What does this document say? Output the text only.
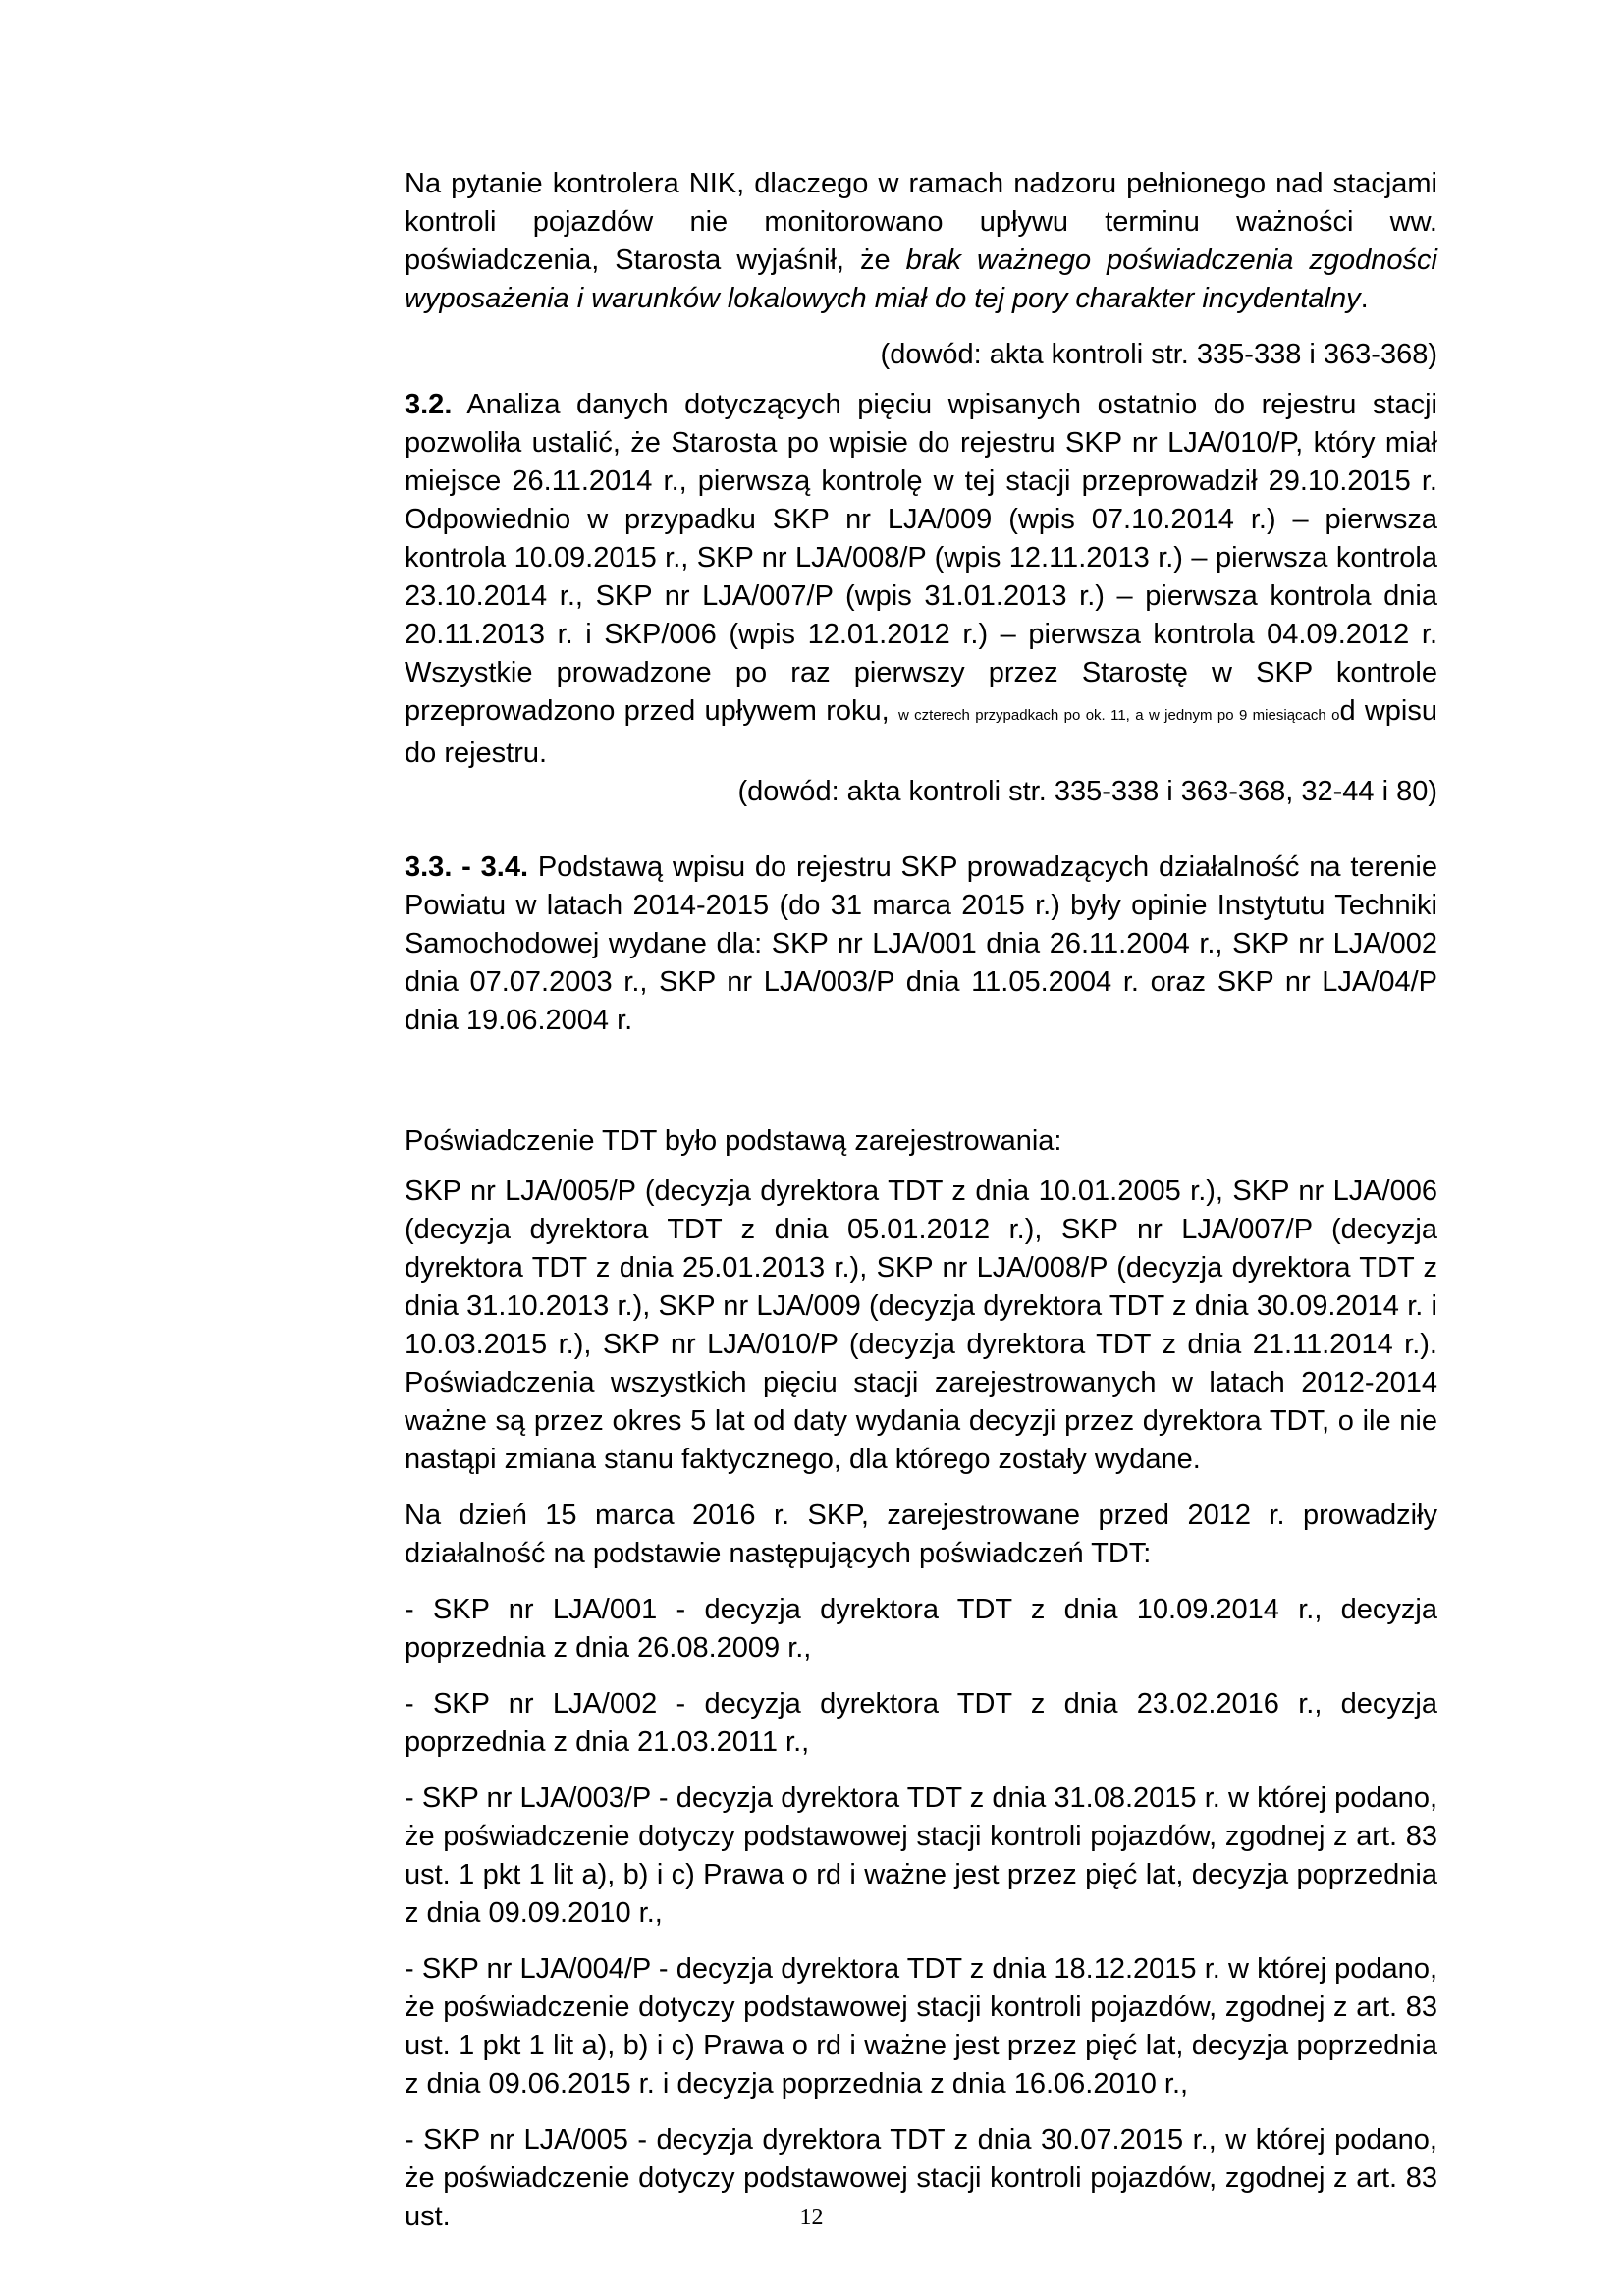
Na pytanie kontrolera NIK, dlaczego w ramach nadzoru pełnionego nad stacjami kontroli pojazdów nie monitorowano upływu terminu ważności ww. poświadczenia, Starosta wyjaśnił, że brak ważnego poświadczenia zgodności wyposażenia i warunków lokalowych miał do tej pory charakter incydentalny.

(dowód: akta kontroli str. 335-338 i 363-368)

3.2. Analiza danych dotyczących pięciu wpisanych ostatnio do rejestru stacji pozwoliła ustalić, że Starosta po wpisie do rejestru SKP nr LJA/010/P, który miał miejsce 26.11.2014 r., pierwszą kontrolę w tej stacji przeprowadził 29.10.2015 r. Odpowiednio w przypadku SKP nr LJA/009 (wpis 07.10.2014 r.) – pierwsza kontrola 10.09.2015 r., SKP nr LJA/008/P (wpis 12.11.2013 r.) – pierwsza kontrola 23.10.2014 r., SKP nr LJA/007/P (wpis 31.01.2013 r.) – pierwsza kontrola dnia 20.11.2013 r. i SKP/006 (wpis 12.01.2012 r.) – pierwsza kontrola 04.09.2012 r. Wszystkie prowadzone po raz pierwszy przez Starostę w SKP kontrole przeprowadzono przed upływem roku, w czterech przypadkach po ok. 11, a w jednym po 9 miesiącach od wpisu do rejestru.

(dowód: akta kontroli str. 335-338 i 363-368, 32-44 i 80)

3.3. - 3.4. Podstawą wpisu do rejestru SKP prowadzących działalność na terenie Powiatu w latach 2014-2015 (do 31 marca 2015 r.) były opinie Instytutu Techniki Samochodowej wydane dla: SKP nr LJA/001 dnia 26.11.2004 r., SKP nr LJA/002 dnia 07.07.2003 r., SKP nr LJA/003/P dnia 11.05.2004 r. oraz SKP nr LJA/04/P dnia 19.06.2004 r.

Poświadczenie TDT było podstawą zarejestrowania:

SKP nr LJA/005/P (decyzja dyrektora TDT z dnia 10.01.2005 r.), SKP nr LJA/006 (decyzja dyrektora TDT z dnia 05.01.2012 r.), SKP nr LJA/007/P (decyzja dyrektora TDT z dnia 25.01.2013 r.), SKP nr LJA/008/P (decyzja dyrektora TDT z dnia 31.10.2013 r.), SKP nr LJA/009 (decyzja dyrektora TDT z dnia 30.09.2014 r. i 10.03.2015 r.), SKP nr LJA/010/P (decyzja dyrektora TDT z dnia 21.11.2014 r.). Poświadczenia wszystkich pięciu stacji zarejestrowanych w latach 2012-2014 ważne są przez okres 5 lat od daty wydania decyzji przez dyrektora TDT, o ile nie nastąpi zmiana stanu faktycznego, dla którego zostały wydane.

Na dzień 15 marca 2016 r. SKP, zarejestrowane przed 2012 r. prowadziły działalność na podstawie następujących poświadczeń TDT:

- SKP nr LJA/001 - decyzja dyrektora TDT z dnia 10.09.2014 r., decyzja poprzednia z dnia 26.08.2009 r.,

- SKP nr LJA/002 - decyzja dyrektora TDT z dnia 23.02.2016 r., decyzja poprzednia z dnia 21.03.2011 r.,

- SKP nr LJA/003/P - decyzja dyrektora TDT z dnia 31.08.2015 r. w której podano, że poświadczenie dotyczy podstawowej stacji kontroli pojazdów, zgodnej z art. 83 ust. 1 pkt 1 lit a), b) i c) Prawa o rd i ważne jest przez pięć lat, decyzja poprzednia z dnia 09.09.2010 r.,

- SKP nr LJA/004/P - decyzja dyrektora TDT z dnia 18.12.2015 r. w której podano, że poświadczenie dotyczy podstawowej stacji kontroli pojazdów, zgodnej z art. 83 ust. 1 pkt 1 lit a), b) i c) Prawa o rd i ważne jest przez pięć lat, decyzja poprzednia z dnia 09.06.2015 r. i decyzja poprzednia z dnia 16.06.2010 r.,

- SKP nr LJA/005 - decyzja dyrektora TDT z dnia 30.07.2015 r., w której podano, że poświadczenie dotyczy podstawowej stacji kontroli pojazdów, zgodnej z art. 83 ust.	12
